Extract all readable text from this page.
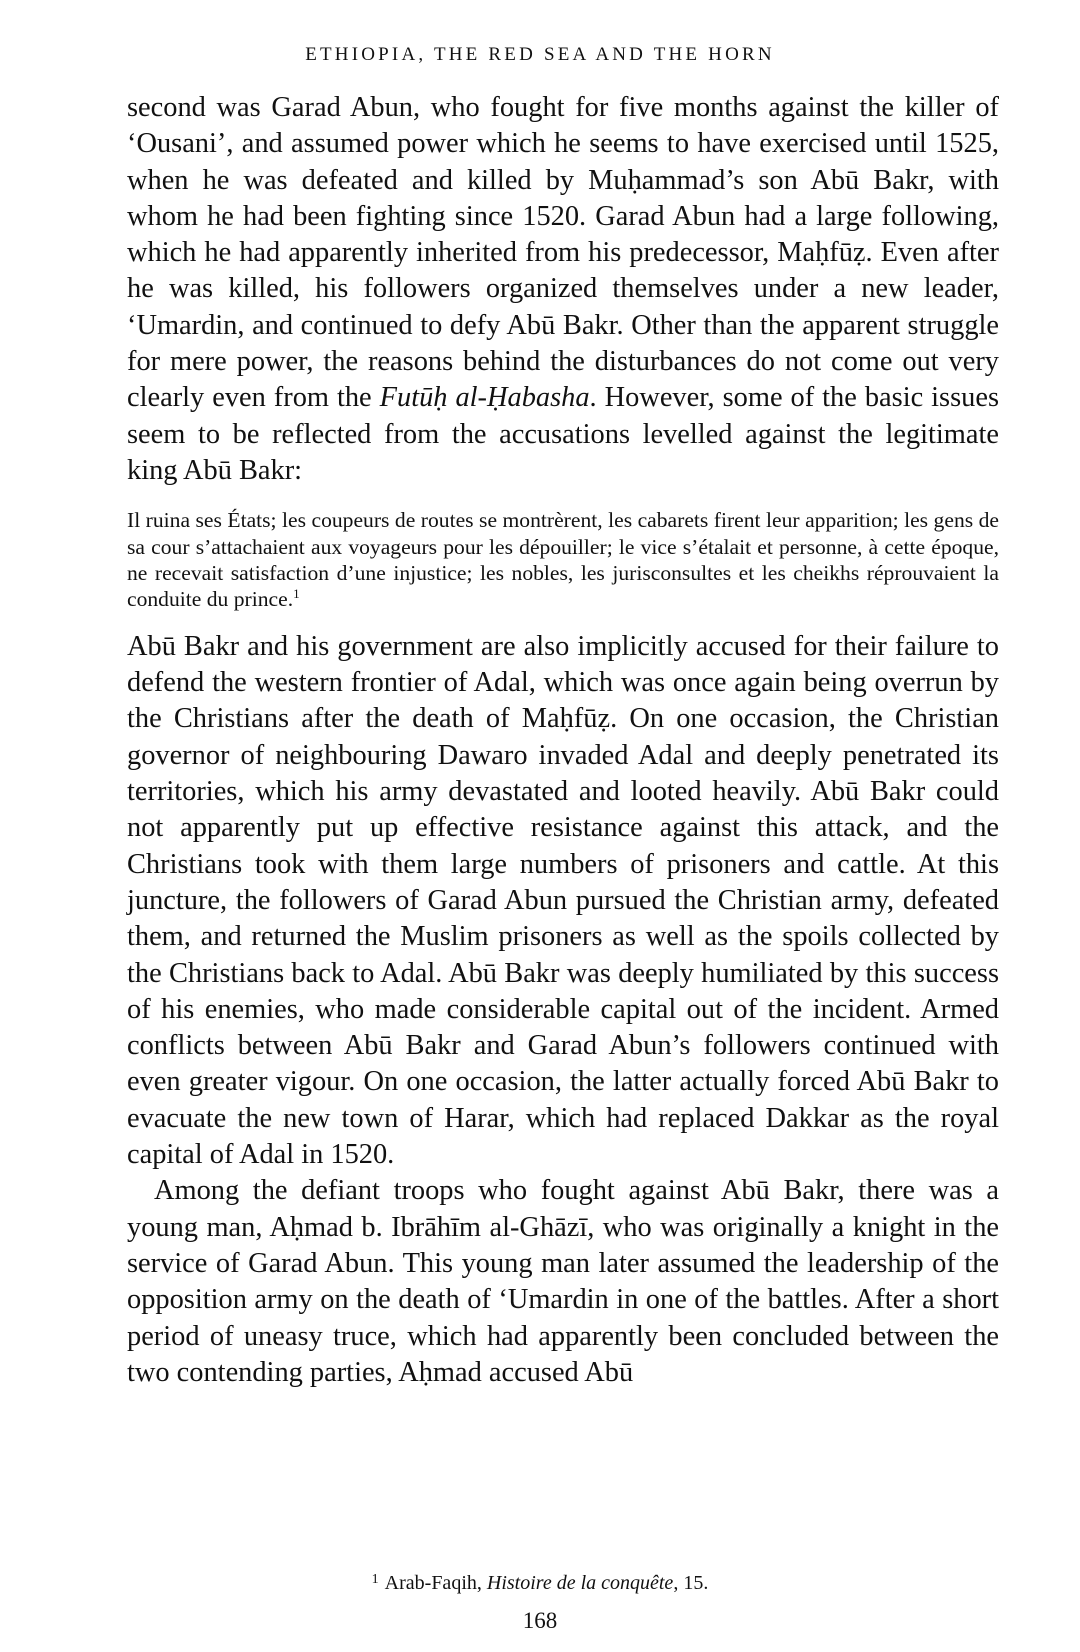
ETHIOPIA, THE RED SEA AND THE HORN

second was Garad Abun, who fought for five months against the killer of ‘Ousani’, and assumed power which he seems to have exercised until 1525, when he was defeated and killed by Muḥammad’s son Abū Bakr, with whom he had been fighting since 1520. Garad Abun had a large following, which he had apparently inherited from his predecessor, Maḥfūẓ. Even after he was killed, his followers organized themselves under a new leader, ‘Umardin, and continued to defy Abū Bakr. Other than the apparent struggle for mere power, the reasons behind the disturbances do not come out very clearly even from the Futūḥ al-Ḥabasha. However, some of the basic issues seem to be reflected from the accusations levelled against the legitimate king Abū Bakr:

Il ruina ses États; les coupeurs de routes se montrèrent, les cabarets firent leur apparition; les gens de sa cour s’attachaient aux voyageurs pour les dépouiller; le vice s’étalait et personne, à cette époque, ne recevait satisfaction d’une injustice; les nobles, les jurisconsultes et les cheikhs réprouvaient la conduite du prince.$^1$

Abū Bakr and his government are also implicitly accused for their failure to defend the western frontier of Adal, which was once again being overrun by the Christians after the death of Maḥfūẓ. On one occasion, the Christian governor of neighbouring Dawaro invaded Adal and deeply penetrated its territories, which his army devastated and looted heavily. Abū Bakr could not apparently put up effective resistance against this attack, and the Christians took with them large numbers of prisoners and cattle. At this juncture, the followers of Garad Abun pursued the Christian army, defeated them, and returned the Muslim prisoners as well as the spoils collected by the Christians back to Adal. Abū Bakr was deeply humiliated by this success of his enemies, who made considerable capital out of the incident. Armed conflicts between Abū Bakr and Garad Abun’s followers continued with even greater vigour. On one occasion, the latter actually forced Abū Bakr to evacuate the new town of Harar, which had replaced Dakkar as the royal capital of Adal in 1520.

Among the defiant troops who fought against Abū Bakr, there was a young man, Aḥmad b. Ibrāhīm al-Ghāzī, who was originally a knight in the service of Garad Abun. This young man later assumed the leadership of the opposition army on the death of ‘Umardin in one of the battles. After a short period of uneasy truce, which had apparently been concluded between the two contending parties, Aḥmad accused Abū

$^1$ Arab-Faqih, Histoire de la conquête, 15.
168
